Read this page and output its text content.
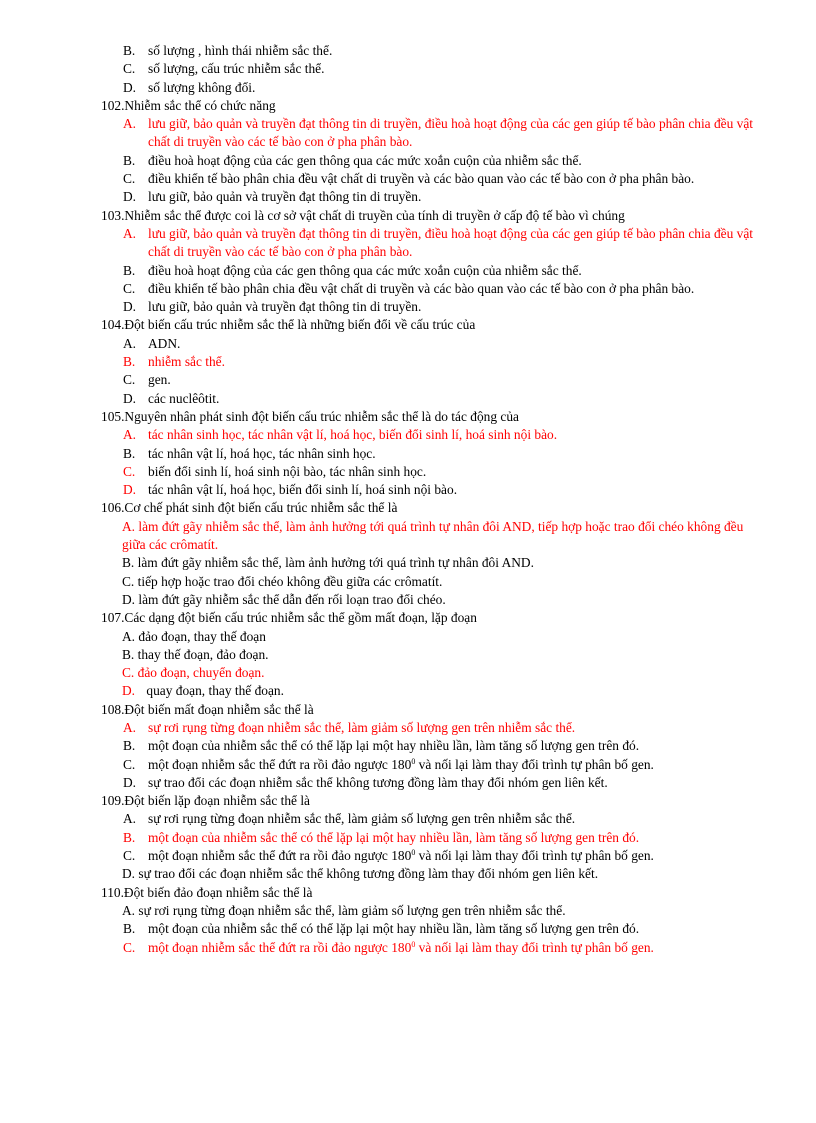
B. số lượng , hình thái nhiễm sắc thể.
C. số lượng, cấu trúc nhiễm sắc thể.
D. số lượng không đổi.
102.Nhiễm sắc thể có chức năng
A. lưu giữ, bảo quản và truyền đạt thông tin di truyền, điều hoà hoạt động của các gen giúp tế bào phân chia đều vật chất di truyền vào các tế bào con ở pha phân bào.
B. điều hoà hoạt động của các gen thông qua các mức xoắn cuộn của nhiễm sắc thể.
C. điều khiển tế bào phân chia đều vật chất di truyền và các bào quan vào các tế bào con ở pha phân bào.
D. lưu giữ, bảo quản và truyền đạt thông tin di truyền.
103.Nhiễm sắc thể được coi là cơ sở vật chất di truyền của tính di truyền ở cấp độ tế bào vì chúng
A. lưu giữ, bảo quản và truyền đạt thông tin di truyền, điều hoà hoạt động của các gen giúp tế bào phân chia đều vật chất di truyền vào các tế bào con ở pha phân bào.
B. điều hoà hoạt động của các gen thông qua các mức xoắn cuộn của nhiễm sắc thể.
C. điều khiển tế bào phân chia đều vật chất di truyền và các bào quan vào các tế bào con ở pha phân bào.
D. lưu giữ, bảo quản và truyền đạt thông tin di truyền.
104.Đột biến cấu trúc nhiễm sắc thể là những biến đổi về cấu trúc của
A. ADN.
B. nhiễm sắc thể.
C. gen.
D. các nuclêôtit.
105.Nguyên nhân phát sinh đột biến cấu trúc nhiễm sắc thể là do tác động của
A. tác nhân sinh học, tác nhân vật lí, hoá học, biến đổi sinh lí, hoá sinh nội bào.
B. tác nhân vật lí, hoá học, tác nhân sinh học.
C. biến đổi sinh lí, hoá sinh nội bào, tác nhân sinh học.
D. tác nhân vật lí, hoá học, biến đổi sinh lí, hoá sinh nội bào.
106.Cơ chế phát sinh đột biến cấu trúc nhiễm sắc thể là
A. làm đứt gãy nhiễm sắc thể, làm ảnh hưởng tới quá trình tự nhân đôi AND, tiếp hợp hoặc trao đổi chéo không đều giữa các crômatít.
B. làm đứt gãy nhiễm sắc thể, làm ảnh hưởng tới quá trình tự nhân đôi AND.
C. tiếp hợp hoặc trao đổi chéo không đều giữa các crômatít.
D. làm đứt gãy nhiễm sắc thể dẫn đến rối loạn trao đổi chéo.
107.Các dạng đột biến cấu trúc nhiễm sắc thể gồm mất đoạn, lặp đoạn
A. đảo đoạn, thay thế đoạn
B. thay thế đoạn, đảo đoạn.
C. đảo đoạn, chuyển đoạn.
D. quay đoạn, thay thế đoạn.
108.Đột biến mất đoạn nhiễm sắc thể là
A. sự rơi rụng từng đoạn nhiễm sắc thể, làm giảm số lượng gen trên nhiễm sắc thể.
B. một đoạn của nhiễm sắc thể có thể lặp lại một hay nhiều lần, làm tăng số lượng gen trên đó.
C. một đoạn nhiễm sắc thể đứt ra rồi đảo ngược $180^0$ và nối lại làm thay đổi trình tự phân bố gen.
D. sự trao đổi các đoạn nhiễm sắc thể không tương đồng làm thay đổi nhóm gen liên kết.
109.Đột biến lặp đoạn nhiễm sắc thể là
A. sự rơi rụng từng đoạn nhiễm sắc thể, làm giảm số lượng gen trên nhiễm sắc thể.
B. một đoạn của nhiễm sắc thể có thể lặp lại một hay nhiều lần, làm tăng số lượng gen trên đó.
C. một đoạn nhiễm sắc thể đứt ra rồi đảo ngược $180^0$ và nối lại làm thay đổi trình tự phân bố gen.
D. sự trao đổi các đoạn nhiễm sắc thể không tương đồng làm thay đổi nhóm gen liên kết.
110.Đột biến đảo đoạn nhiễm sắc thể là
A. sự rơi rụng từng đoạn nhiễm sắc thể, làm giảm số lượng gen trên nhiễm sắc thể.
B. một đoạn của nhiễm sắc thể có thể lặp lại một hay nhiều lần, làm tăng số lượng gen trên đó.
C. một đoạn nhiễm sắc thể đứt ra rồi đảo ngược $180^0$ và nối lại làm thay đổi trình tự phân bố gen.
